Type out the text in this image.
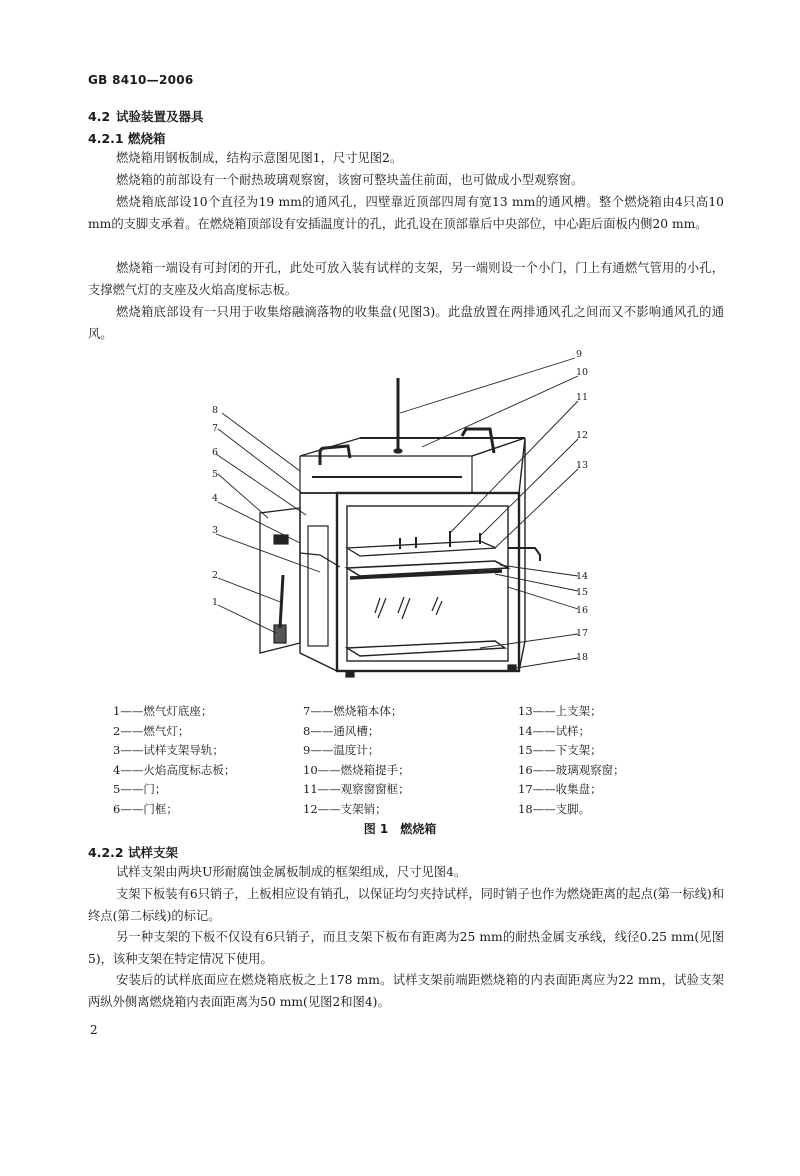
GB 8410—2006
4.2 试验装置及器具
4.2.1 燃烧箱

燃烧箱用钢板制成，结构示意图见图1，尺寸见图2。

燃烧箱的前部设有一个耐热玻璃观察窗，该窗可整块盖住前面，也可做成小型观察窗。

燃烧箱底部设10个直径为19 mm的通风孔，四壁靠近顶部四周有宽13 mm的通风槽。整个燃烧箱由4只高10 mm的支脚支承着。在燃烧箱顶部设有安插温度计的孔，此孔设在顶部靠后中央部位，中心距后面板内侧20 mm。

燃烧箱一端设有可封闭的开孔，此处可放入装有试样的支架，另一端则设一个小门，门上有通燃气管用的小孔，支撑燃气灯的支座及火焰高度标志板。

燃烧箱底部设有一只用于收集熔融滴落物的收集盘(见图3)。此盘放置在两排通风孔之间而又不影响通风孔的通风。

8
7
6
5
4
3
2
1
9
10
11
12
13
14
15
16
17
18
1——燃气灯底座；
2——燃气灯；
3——试样支架导轨；
4——火焰高度标志板；
5——门；
6——门框；
7——燃烧箱本体；
8——通风槽；
9——温度计；
10——燃烧箱提手；
11——观察窗窗框；
12——支架销；
13——上支架；
14——试样；
15——下支架；
16——玻璃观察窗；
17——收集盘；
18——支脚。
图 1　燃烧箱
4.2.2 试样支架

试样支架由两块U形耐腐蚀金属板制成的框架组成，尺寸见图4。

支架下板装有6只销子，上板相应设有销孔，以保证均匀夹持试样，同时销子也作为燃烧距离的起点(第一标线)和终点(第二标线)的标记。

另一种支架的下板不仅设有6只销子，而且支架下板布有距离为25 mm的耐热金属支承线，线径0.25 mm(见图5)，该种支架在特定情况下使用。

安装后的试样底面应在燃烧箱底板之上178 mm。试样支架前端距燃烧箱的内表面距离应为22 mm，试验支架两纵外侧离燃烧箱内表面距离为50 mm(见图2和图4)。

2
